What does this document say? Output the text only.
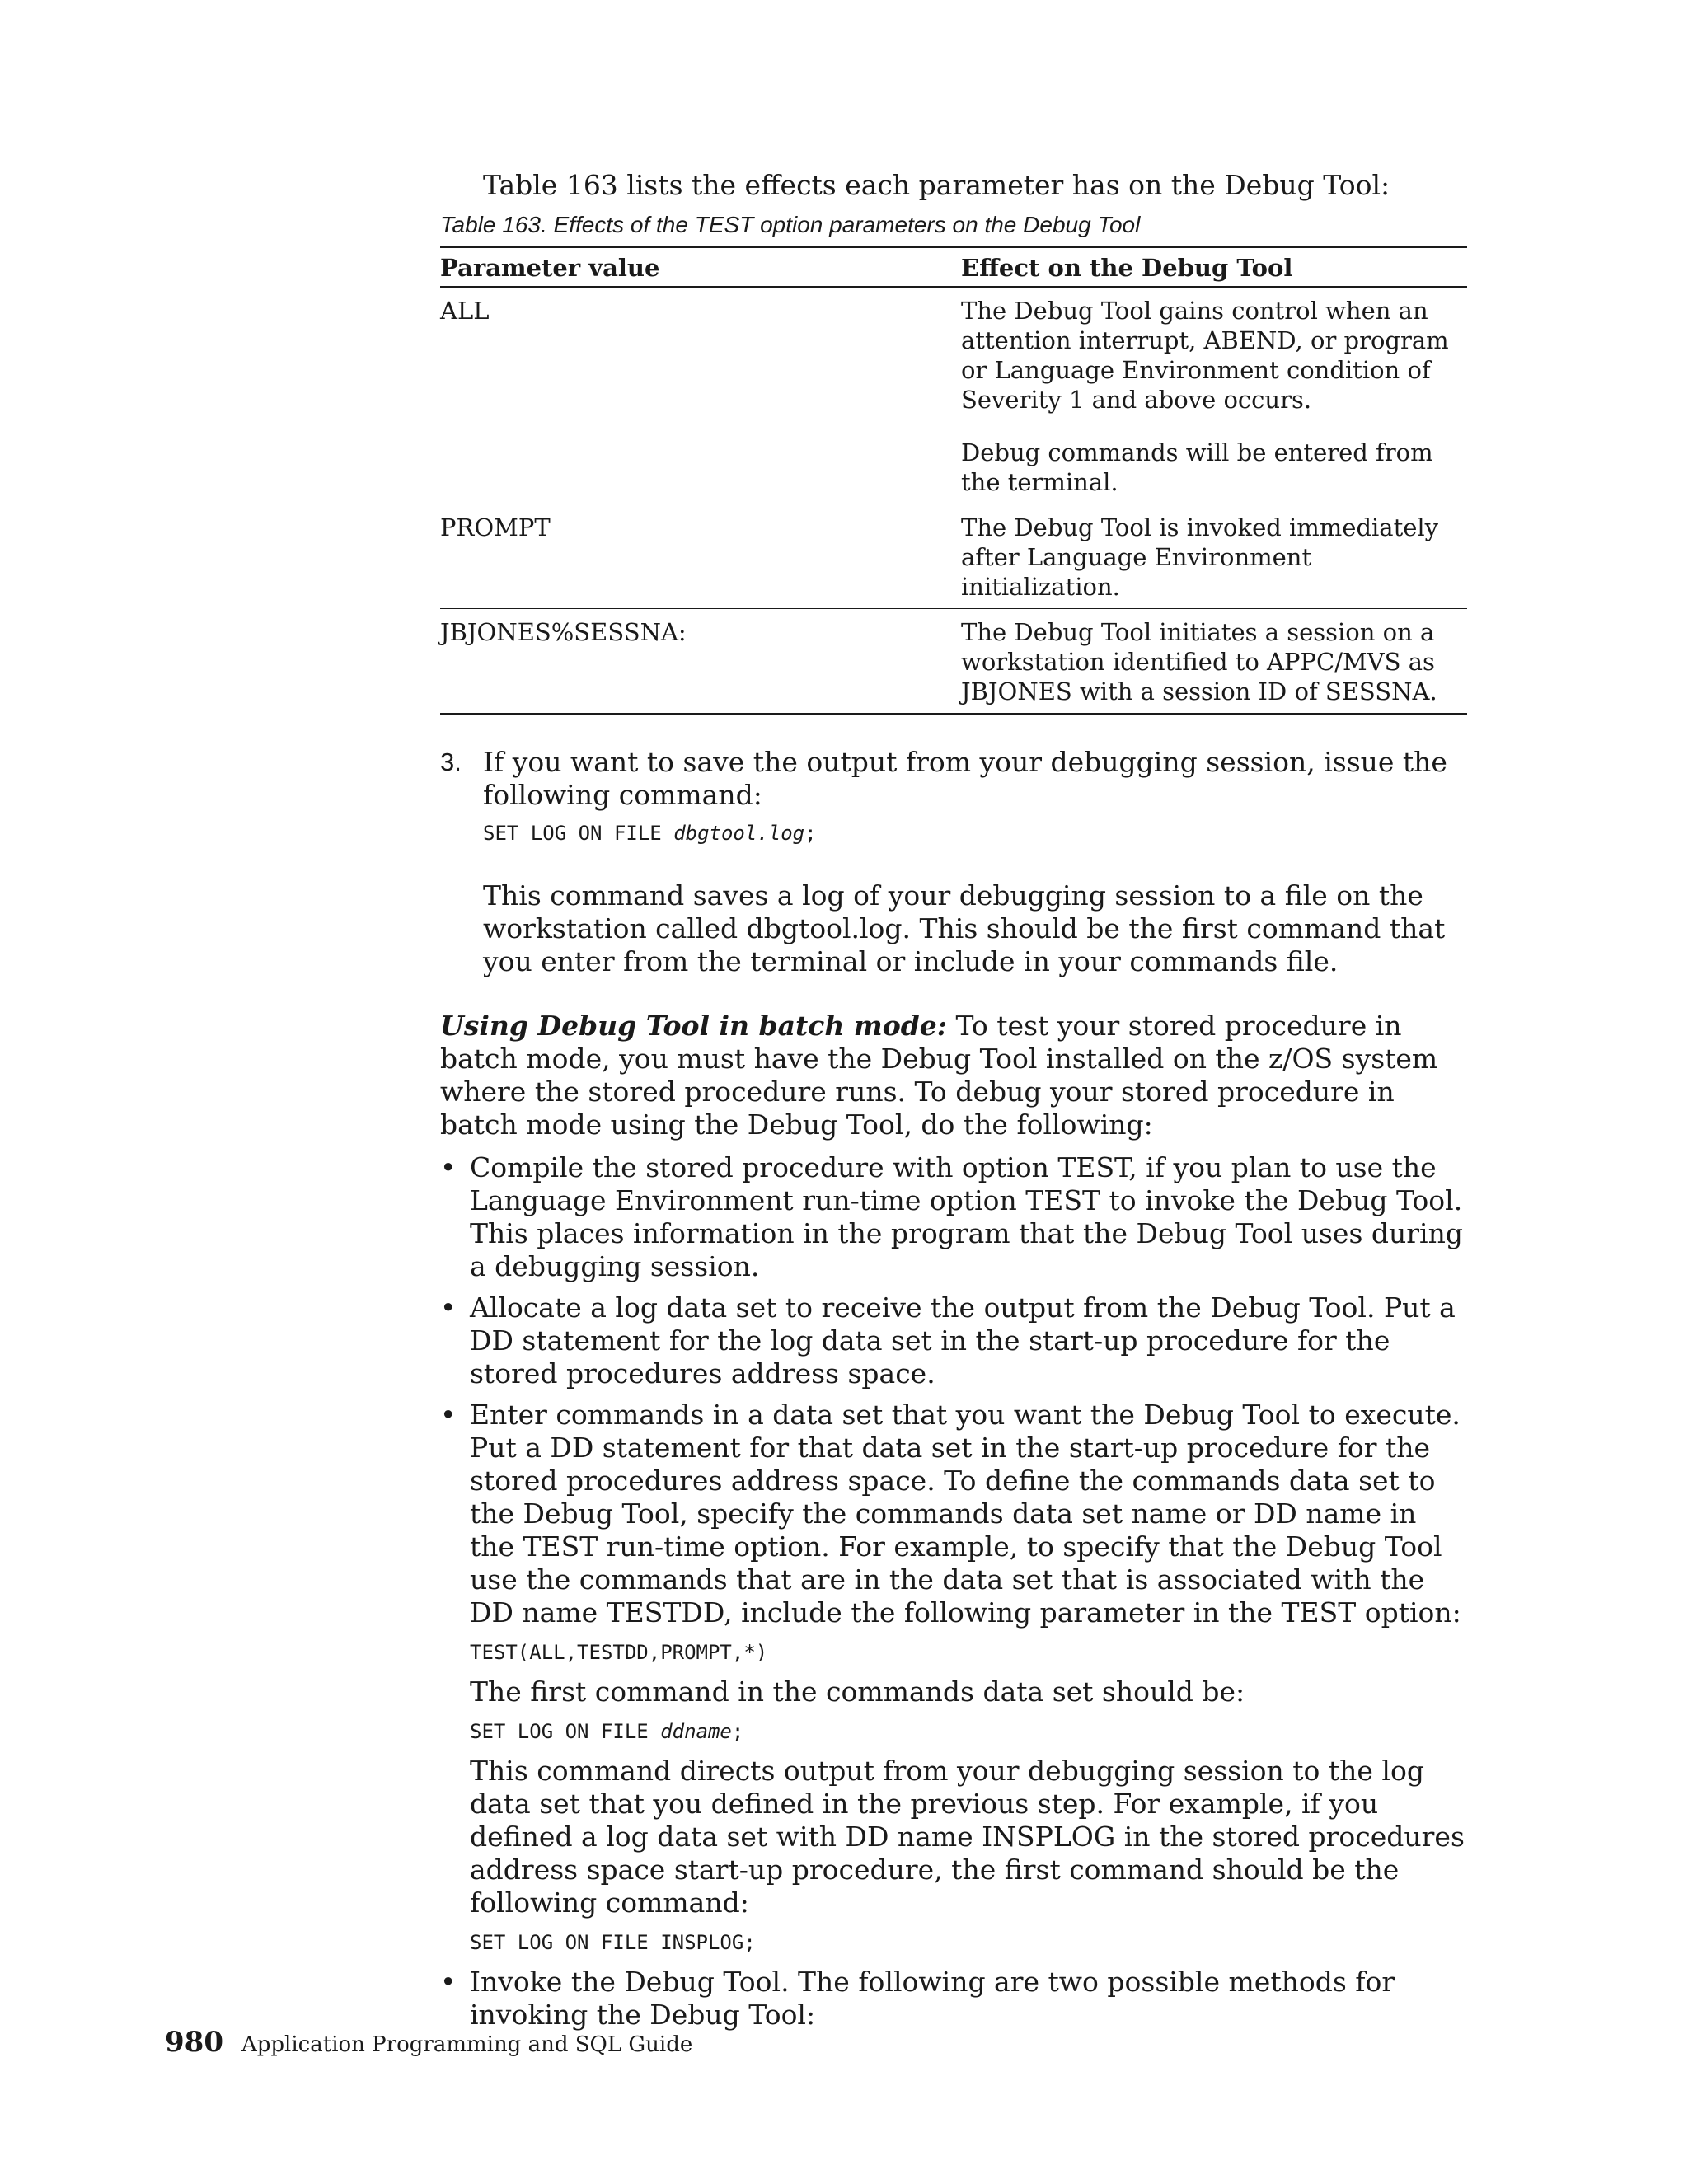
Table 163 lists the effects each parameter has on the Debug Tool:

Table 163. Effects of the TEST option parameters on the Debug Tool
Parameter value	Effect on the Debug Tool
ALL	The Debug Tool gains control when an attention interrupt, ABEND, or program or Language Environment condition of Severity 1 and above occurs.

Debug commands will be entered from the terminal.

PROMPT	The Debug Tool is invoked immediately after Language Environment initialization.

JBJONES%SESSNA:	The Debug Tool initiates a session on a workstation identified to APPC/MVS as JBJONES with a session ID of SESSNA.

3. If you want to save the output from your debugging session, issue the following command:

SET LOG ON FILE dbgtool.log;

This command saves a log of your debugging session to a file on the workstation called dbgtool.log. This should be the first command that you enter from the terminal or include in your commands file.

Using Debug Tool in batch mode: To test your stored procedure in batch mode, you must have the Debug Tool installed on the z/OS system where the stored procedure runs. To debug your stored procedure in batch mode using the Debug Tool, do the following:

• Compile the stored procedure with option TEST, if you plan to use the Language Environment run-time option TEST to invoke the Debug Tool. This places information in the program that the Debug Tool uses during a debugging session.

• Allocate a log data set to receive the output from the Debug Tool. Put a DD statement for the log data set in the start-up procedure for the stored procedures address space.

• Enter commands in a data set that you want the Debug Tool to execute. Put a DD statement for that data set in the start-up procedure for the stored procedures address space. To define the commands data set to the Debug Tool, specify the commands data set name or DD name in the TEST run-time option. For example, to specify that the Debug Tool use the commands that are in the data set that is associated with the DD name TESTDD, include the following parameter in the TEST option:

TEST(ALL,TESTDD,PROMPT,*)

The first command in the commands data set should be:

SET LOG ON FILE ddname;

This command directs output from your debugging session to the log data set that you defined in the previous step. For example, if you defined a log data set with DD name INSPLOG in the stored procedures address space start-up procedure, the first command should be the following command:

SET LOG ON FILE INSPLOG;
• Invoke the Debug Tool. The following are two possible methods for invoking the Debug Tool:

980 Application Programming and SQL Guide
